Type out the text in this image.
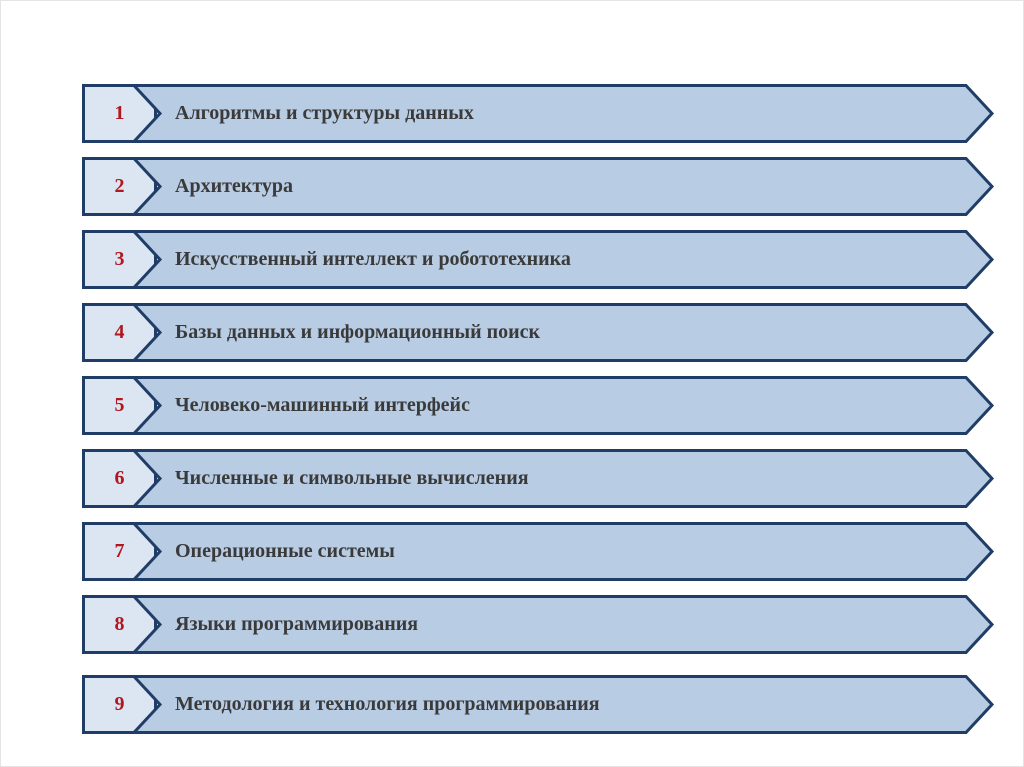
1	Алгоритмы и структуры данных
2	Архитектура
3	Искусственный интеллект и робототехника
4	Базы данных и информационный поиск
5	Человеко-машинный интерфейс
6	Численные и символьные вычисления
7	Операционные системы
8	Языки программирования
9	Методология и технология программирования
